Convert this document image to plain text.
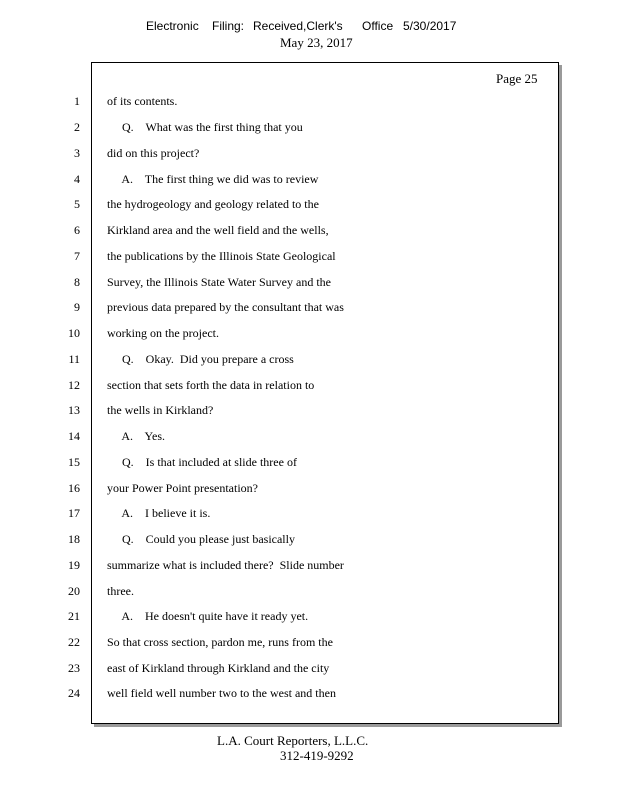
Electronic Filing: Received,Clerk's Office 5/30/2017
May 23, 2017
Page 25
1 of its contents.
2 Q.    What was the first thing that you
3 did on this project?
4 A.    The first thing we did was to review
5 the hydrogeology and geology related to the
6 Kirkland area and the well field and the wells,
7 the publications by the Illinois State Geological
8 Survey, the Illinois State Water Survey and the
9 previous data prepared by the consultant that was
10 working on the project.
11 Q.    Okay.  Did you prepare a cross
12 section that sets forth the data in relation to
13 the wells in Kirkland?
14 A.    Yes.
15 Q.    Is that included at slide three of
16 your Power Point presentation?
17 A.    I believe it is.
18 Q.    Could you please just basically
19 summarize what is included there?  Slide number
20 three.
21 A.    He doesn't quite have it ready yet.
22 So that cross section, pardon me, runs from the
23 east of Kirkland through Kirkland and the city
24 well field well number two to the west and then
L.A. Court Reporters, L.L.C.
312-419-9292
